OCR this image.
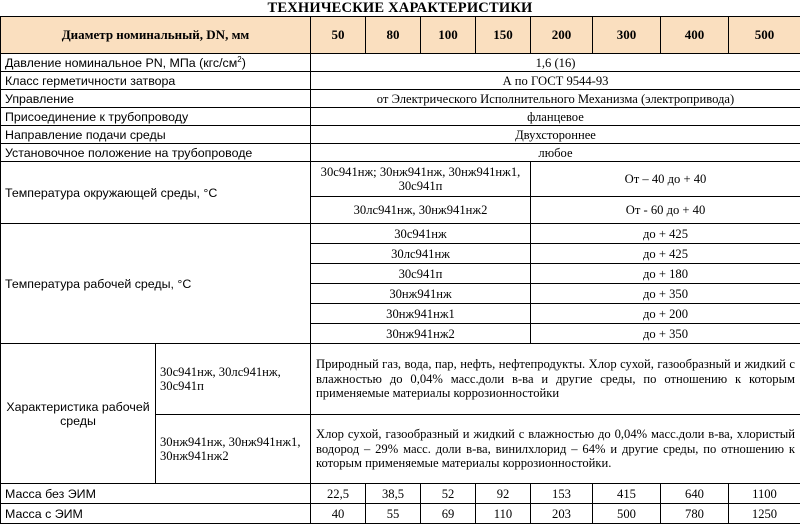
ТЕХНИЧЕСКИЕ ХАРАКТЕРИСТИКИ
Диаметр номинальный, DN, мм		50	80	100	150	200	300	400	500
Давление номинальное PN, МПа $(кгс/см^2)$		1,6 (16)							
Класс герметичности затвора		А по ГОСТ 9544-93							
Управление		от Электрического Исполнительного Механизма (электропривода)							
Присоединение к трубопроводу		фланцевое							
Направление подачи среды		Двухстороннее							
Установочное положение на трубопроводе		любое							
Температура окружающей среды, °С		30с941нж; 30нж941нж, 30нж941нж1, 30с941п				От – 40 до + 40			
		30лс941нж, 30нж941нж2				От - 60 до + 40			
Температура рабочей среды, °С		30с941нж				до + 425			
		30лс941нж				до + 425			
		30с941п				до + 180			
		30нж941нж				до + 350			
		30нж941нж1				до + 200			
		30нж941нж2				до + 350			
Характеристика рабочей среды	30с941нж, 30лс941нж, 30с941п	Природный газ, вода, пар, нефть, нефтепродукты. Хлор сухой, газообразный и жидкий с влажностью до 0,04% масс.доли в-ва и другие среды, по отношению к которым применяемые материалы коррозионностойки							
	30нж941нж, 30нж941нж1, 30нж941нж2	Хлор сухой, газообразный и жидкий с влажностью до 0,04% масс.доли в-ва, хлористый водород – 29% масс. доли в-ва, винилхлорид – 64% и другие среды, по отношению к которым применяемые материалы коррозионностойки.							
Масса без ЭИМ		22,5	38,5	52	92	153	415	640	1100
Масса с ЭИМ		40	55	69	110	203	500	780	1250
